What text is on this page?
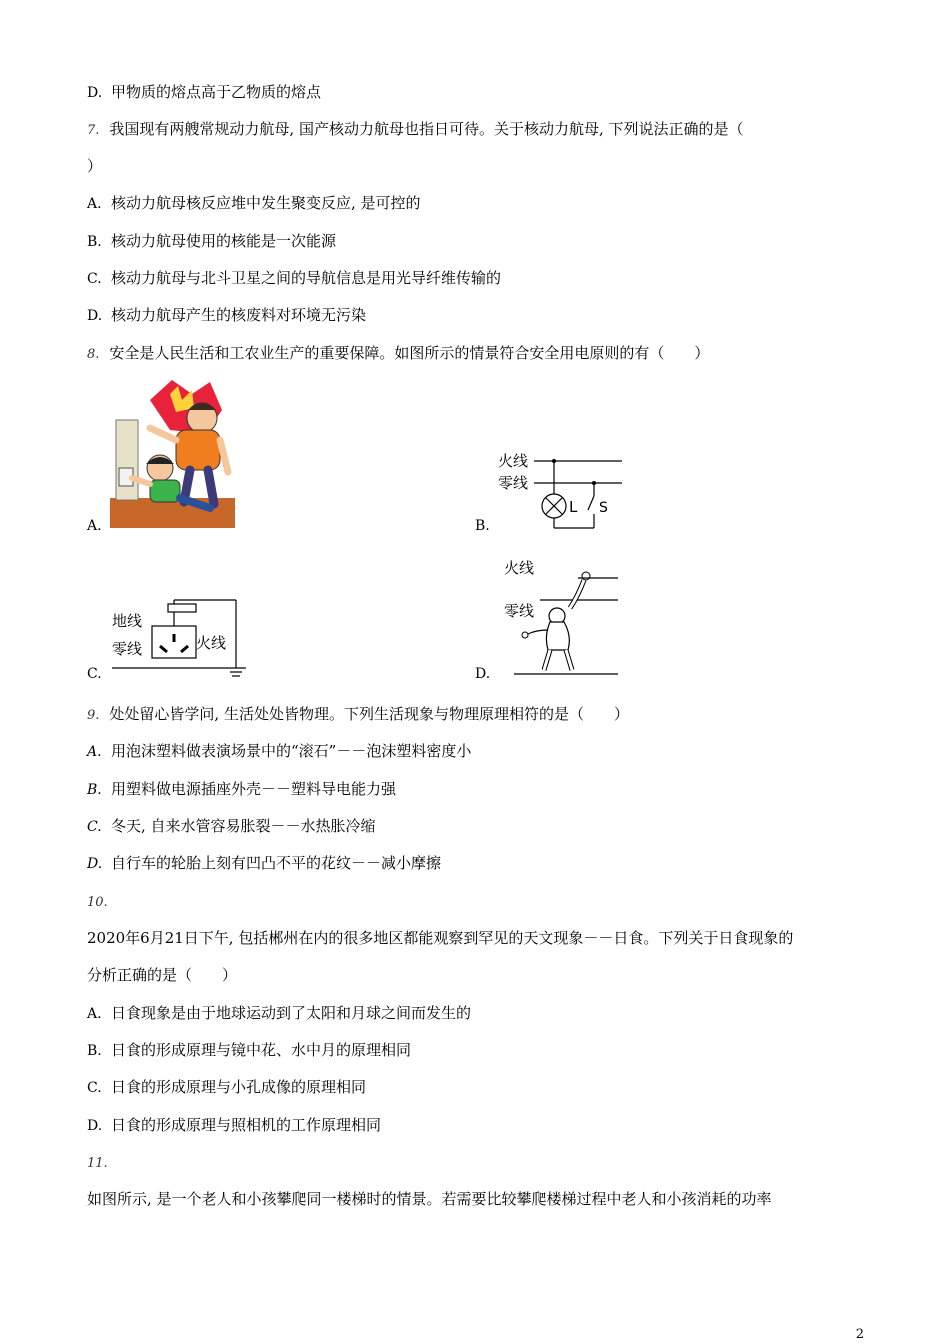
D. 甲物质的熔点高于乙物质的熔点
7. 我国现有两艘常规动力航母, 国产核动力航母也指日可待。关于核动力航母, 下列说法正确的是（
）
A. 核动力航母核反应堆中发生聚变反应, 是可控的
B. 核动力航母使用的核能是一次能源
C. 核动力航母与北斗卫星之间的导航信息是用光导纤维传输的
D. 核动力航母产生的核废料对环境无污染
8. 安全是人民生活和工农业生产的重要保障。如图所示的情景符合安全用电原则的有（　　）
A.	B.
火线
零线
L S
C.
地线
零线	火线
D.
火线
零线
9. 处处留心皆学问, 生活处处皆物理。下列生活现象与物理原理相符的是（　　）
A. 用泡沫塑料做表演场景中的“滚石”－－泡沫塑料密度小
B. 用塑料做电源插座外壳－－塑料导电能力强
C. 冬天, 自来水管容易胀裂－－水热胀冷缩
D. 自行车的轮胎上刻有凹凸不平的花纹－－减小摩擦
10.
2020年6月21日下午, 包括郴州在内的很多地区都能观察到罕见的天文现象－－日食。下列关于日食现象的
分析正确的是（　　）
A. 日食现象是由于地球运动到了太阳和月球之间而发生的
B. 日食的形成原理与镜中花、水中月的原理相同
C. 日食的形成原理与小孔成像的原理相同
D. 日食的形成原理与照相机的工作原理相同
11.
如图所示, 是一个老人和小孩攀爬同一楼梯时的情景。若需要比较攀爬楼梯过程中老人和小孩消耗的功率
2
